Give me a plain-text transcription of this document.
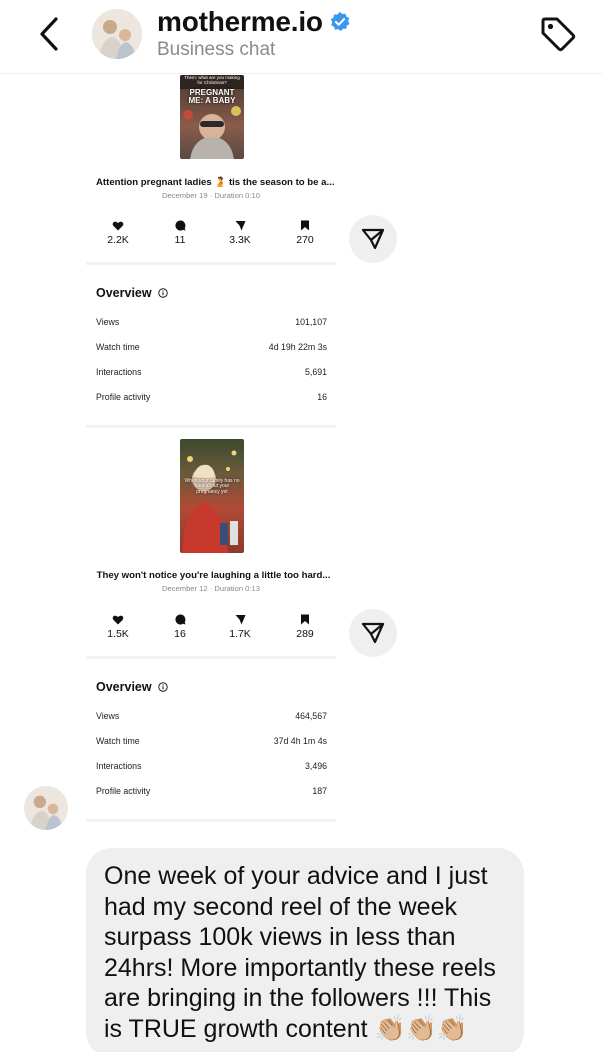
motherme.io
Business chat
Them: what are you making for Christmas?
PREGNANT ME: A BABY
Attention pregnant ladies 🫄 tis the season to be a...
December 19 · Duration 0:10
2.2K	11	3.3K	270
Overview
Views	101,107
Watch time	4d 19h 22m 3s
Interactions	5,691
Profile activity	16
When your family has no idea about your pregnancy yet
They won't notice you're laughing a little too hard...
December 12 · Duration 0:13
1.5K	16	1.7K	289
Overview
Views	464,567
Watch time	37d 4h 1m 4s
Interactions	3,496
Profile activity	187
One week of your advice and I just had my second reel of the week surpass 100k views in less than 24hrs! More importantly these reels are bringing in the followers !!! This is TRUE growth content 👏🏼👏🏼👏🏼
